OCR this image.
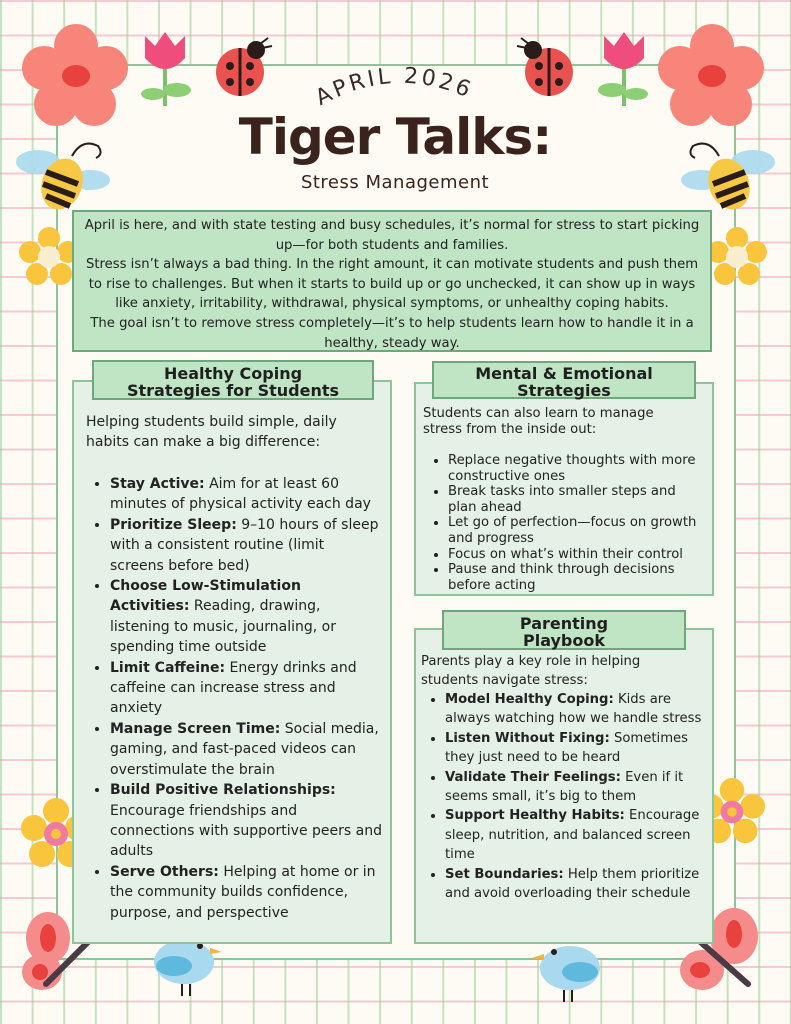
APRIL 2026
Tiger Talks:
Stress Management
April is here, and with state testing and busy schedules, it’s normal for stress to start picking up—for both students and families.
Stress isn’t always a bad thing. In the right amount, it can motivate students and push them to rise to challenges. But when it starts to build up or go unchecked, it can show up in ways like anxiety, irritability, withdrawal, physical symptoms, or unhealthy coping habits.
The goal isn’t to remove stress completely—it’s to help students learn how to handle it in a healthy, steady way.
Healthy Coping
Strategies for Students
Helping students build simple, daily habits can make a big difference:
• Stay Active: Aim for at least 60 minutes of physical activity each day
• Prioritize Sleep: 9–10 hours of sleep with a consistent routine (limit screens before bed)
• Choose Low-Stimulation Activities: Reading, drawing, listening to music, journaling, or spending time outside
• Limit Caffeine: Energy drinks and caffeine can increase stress and anxiety
• Manage Screen Time: Social media, gaming, and fast-paced videos can overstimulate the brain
• Build Positive Relationships: Encourage friendships and connections with supportive peers and adults
• Serve Others: Helping at home or in the community builds confidence, purpose, and perspective
Mental & Emotional
Strategies
Students can also learn to manage stress from the inside out:
• Replace negative thoughts with more constructive ones
• Break tasks into smaller steps and plan ahead
• Let go of perfection—focus on growth and progress
• Focus on what’s within their control
• Pause and think through decisions before acting
Parenting
Playbook
Parents play a key role in helping students navigate stress:
• Model Healthy Coping: Kids are always watching how we handle stress
• Listen Without Fixing: Sometimes they just need to be heard
• Validate Their Feelings: Even if it seems small, it’s big to them
• Support Healthy Habits: Encourage sleep, nutrition, and balanced screen time
• Set Boundaries: Help them prioritize and avoid overloading their schedule
